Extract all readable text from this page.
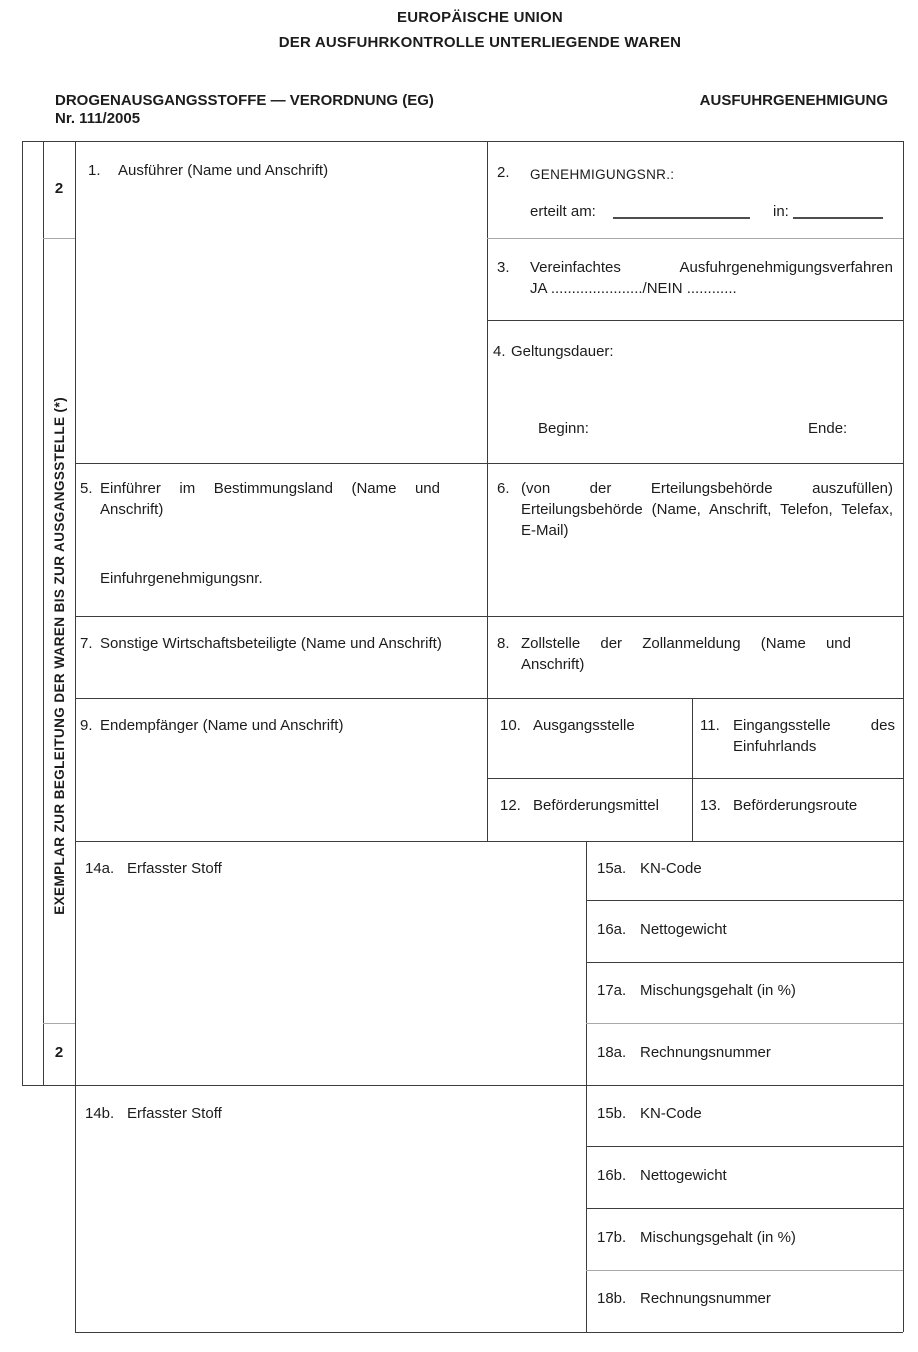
EUROPÄISCHE UNION
DER AUSFUHRKONTROLLE UNTERLIEGENDE WAREN
DROGENAUSGANGSSTOFFE — VERORDNUNG (EG)
Nr. 111/2005
AUSFUHRGENEHMIGUNG
2
EXEMPLAR ZUR BEGLEITUNG DER WAREN BIS ZUR AUSGANGSSTELLE (*)
2
1. Ausführer (Name und Anschrift)	2. GENEHMIGUNGSNR.:
erteilt am:	in:
3. Vereinfachtes Ausfuhrgenehmigungsverfahren
JA ....................../NEIN ............
4. Geltungsdauer:
Beginn:	Ende:
5. Einführer im Bestimmungsland (Name und Anschrift)
Einfuhrgenehmigungsnr.
6. (von der Erteilungsbehörde auszufüllen) Erteilungsbehörde (Name, Anschrift, Telefon, Telefax, E-Mail)
7. Sonstige Wirtschaftsbeteiligte (Name und Anschrift)	8. Zollstelle der Zollanmeldung (Name und Anschrift)
9. Endempfänger (Name und Anschrift)	10. Ausgangsstelle	11. Eingangsstelle des Einfuhrlands
12. Beförderungsmittel	13. Beförderungsroute
14a. Erfasster Stoff	15a. KN-Code
16a. Nettogewicht
17a. Mischungsgehalt (in %)
18a. Rechnungsnummer
14b. Erfasster Stoff	15b. KN-Code
16b. Nettogewicht
17b. Mischungsgehalt (in %)
18b. Rechnungsnummer
